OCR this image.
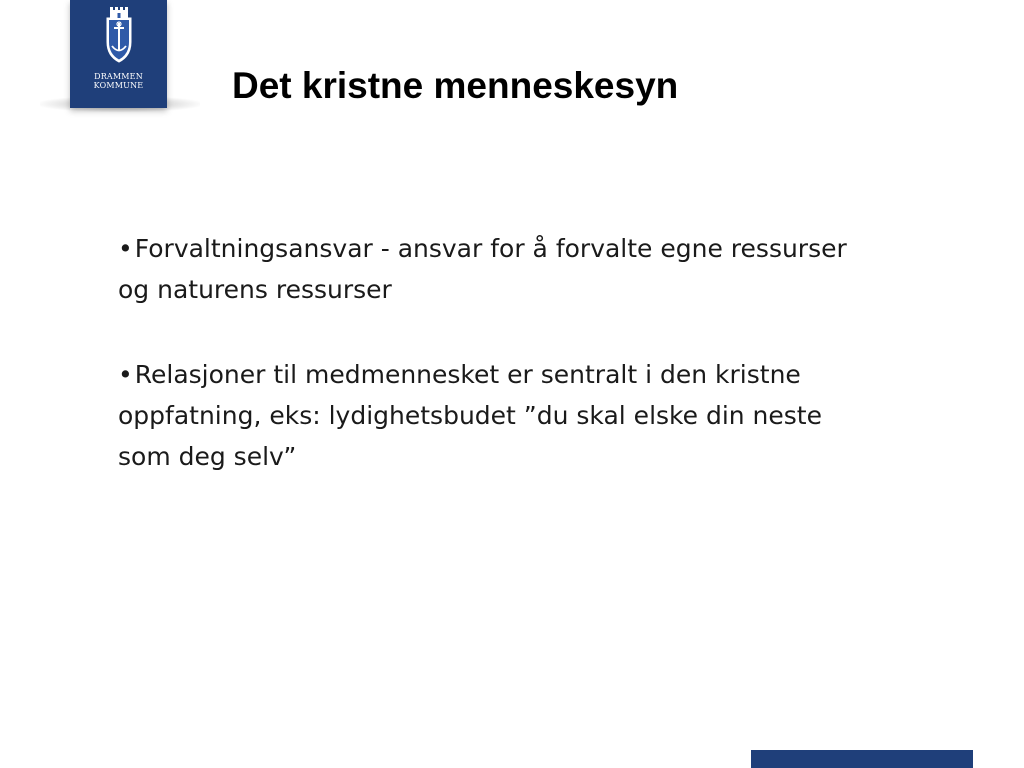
DRAMMEN
KOMMUNE	Det kristne menneskesyn
•Forvaltningsansvar - ansvar for å forvalte egne ressurser
og naturens ressurser
•Relasjoner til medmennesket er sentralt i den kristne
oppfatning, eks: lydighetsbudet ”du skal elske din neste
som deg selv”
